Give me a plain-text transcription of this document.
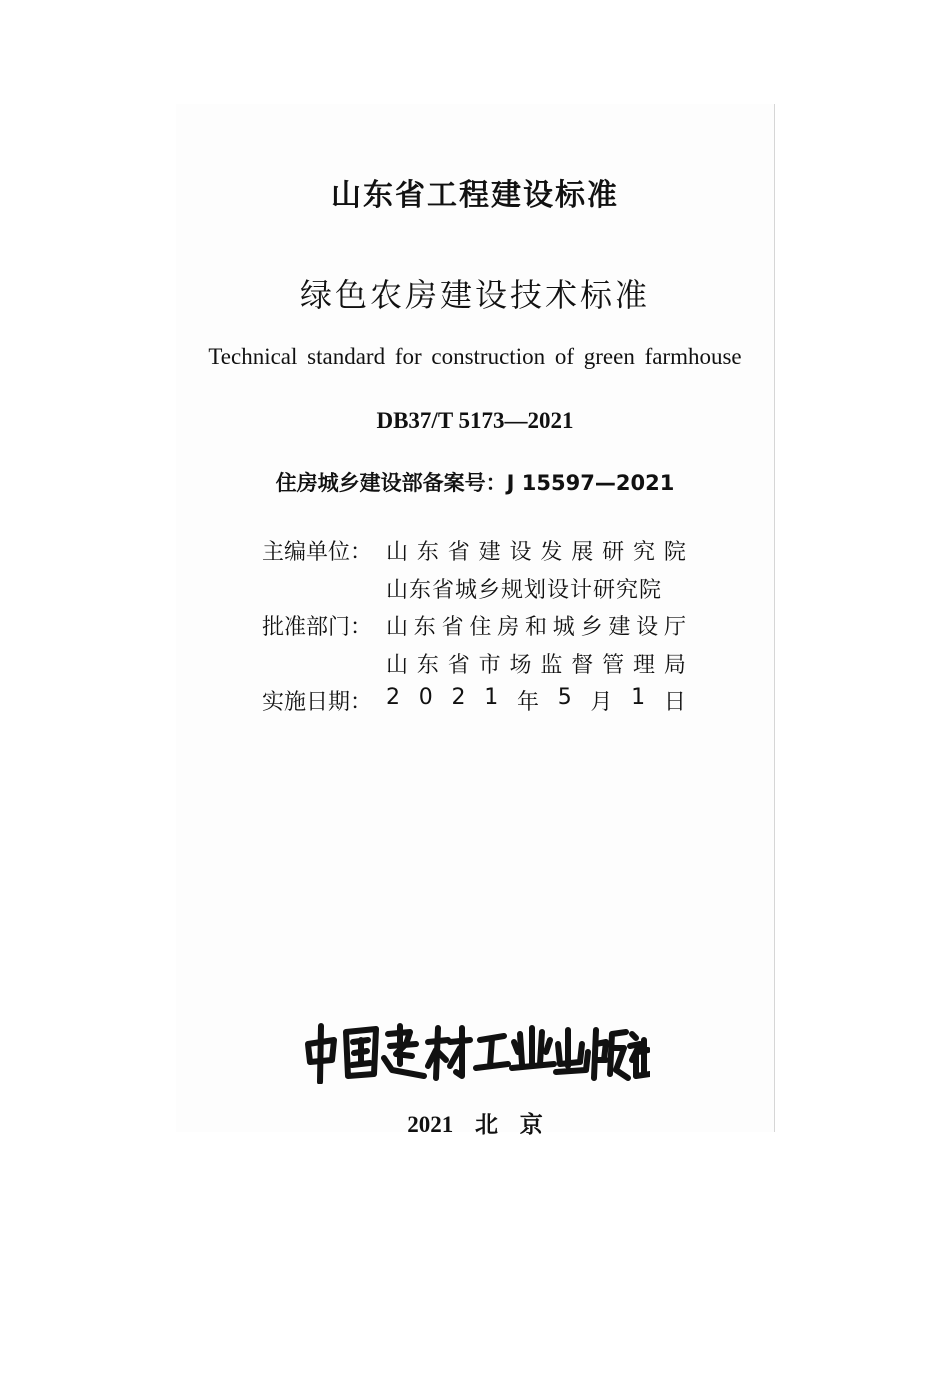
山东省工程建设标准
绿色农房建设技术标准
Technical standard for construction of green farmhouse
DB37/T 5173—2021
住房城乡建设部备案号：J 15597—2021
主编单位： 山 东 省 建 设 发 展 研 究 院
山东省城乡规划设计研究院
批准部门： 山 东 省 住 房 和 城 乡 建 设 厅
山 东 省 市 场 监 督 管 理 局
实施日期： 2 0 2 1 年 5 月 1 日
2021 北 京
